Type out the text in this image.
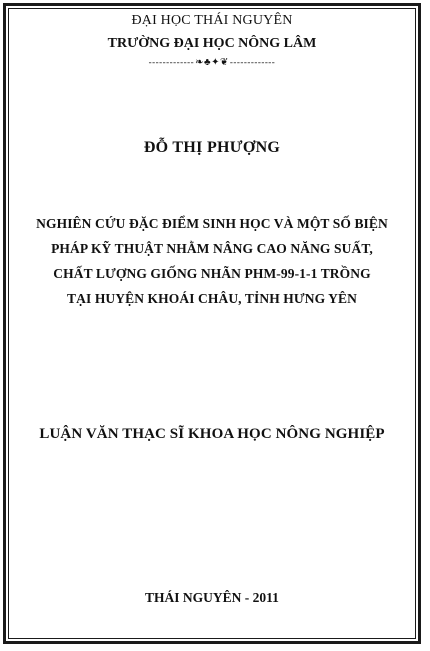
ĐẠI HỌC THÁI NGUYÊN
TRƯỜNG ĐẠI HỌC NÔNG LÂM
-------------❧♣✦❦-------------
ĐỖ THỊ PHƯỢNG
NGHIÊN CỨU ĐẶC ĐIỂM SINH HỌC VÀ MỘT SỐ BIỆN
PHÁP KỸ THUẬT NHẰM NÂNG CAO NĂNG SUẤT,
CHẤT LƯỢNG GIỐNG NHÃN PHM-99-1-1 TRỒNG
TẠI HUYỆN KHOÁI CHÂU, TỈNH HƯNG YÊN
LUẬN VĂN THẠC SĨ KHOA HỌC NÔNG NGHIỆP
THÁI NGUYÊN - 2011
